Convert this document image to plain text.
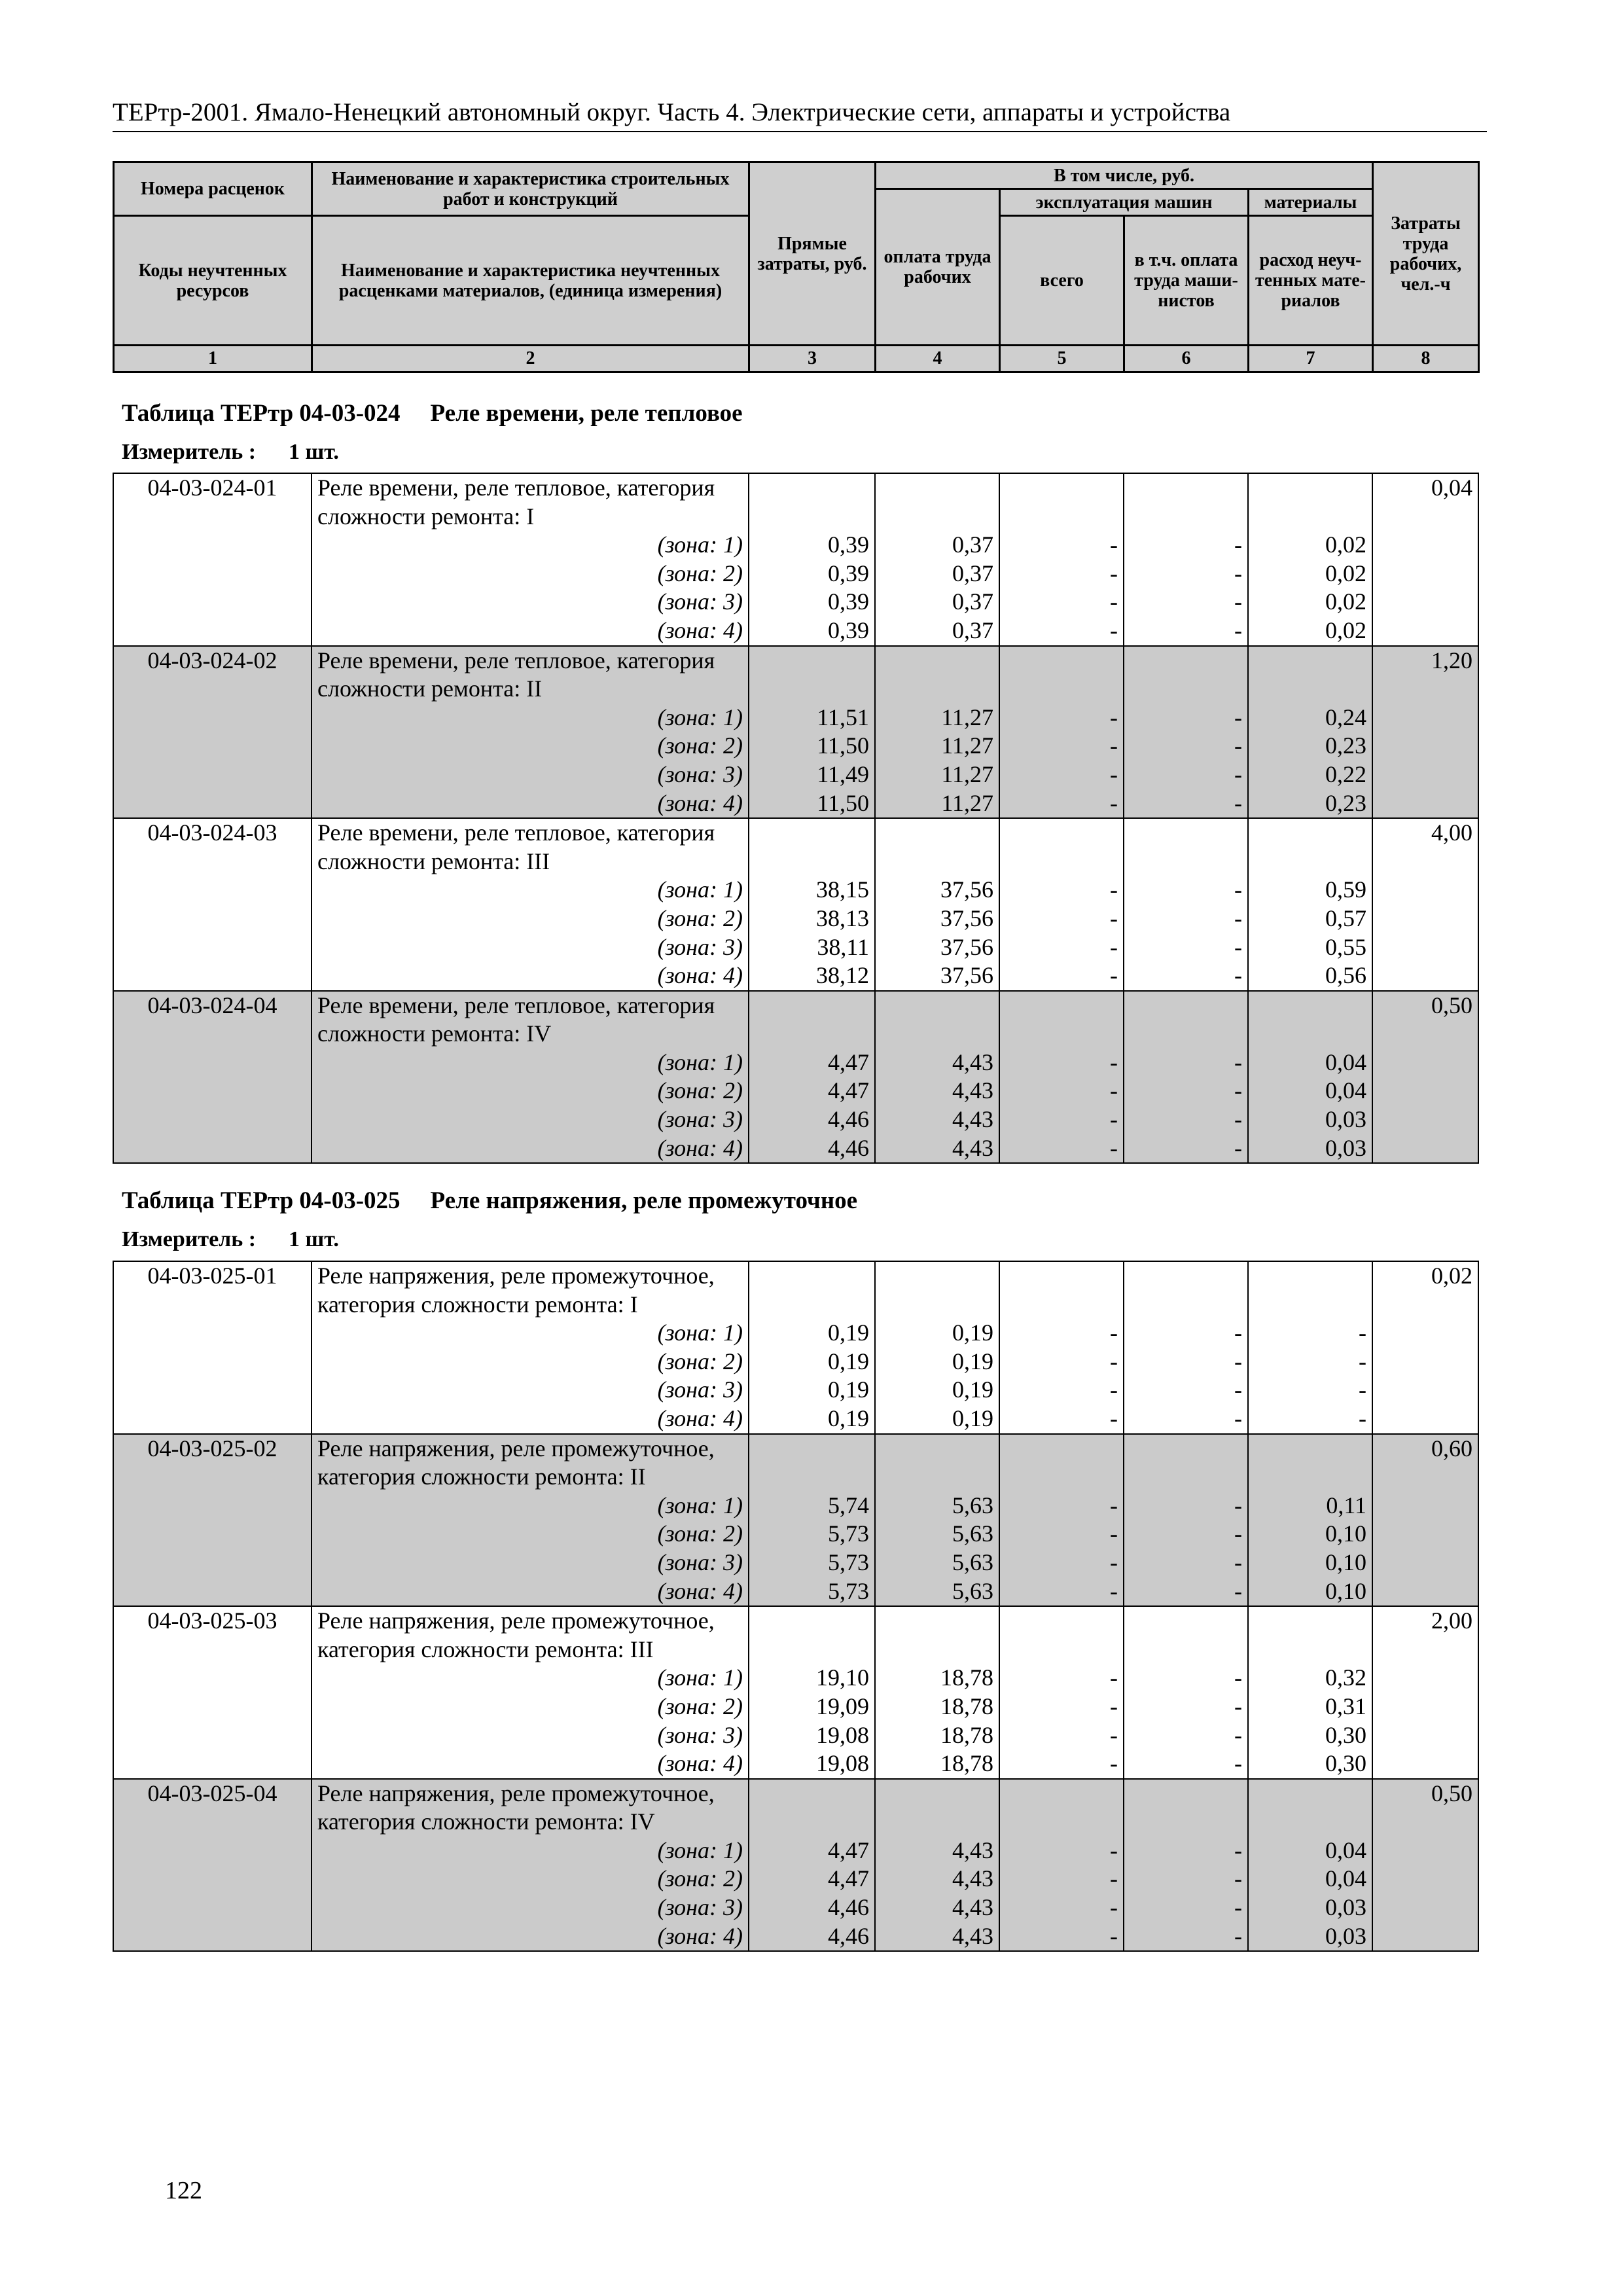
ТЕРтр-2001. Ямало-Ненецкий автономный округ. Часть 4. Электрические сети, аппараты и устройства
Номера расценок	Наименование и характеристика строительных работ и конструкций	Прямые затраты, руб.	В том числе, руб.				Затраты труда рабочих, чел.-ч
			оплата труда рабочих	эксплуатация машин		материалы	
Коды неучтенных ресурсов	Наименование и характеристика неучтенных расценками материалов, (единица измерения)			всего	в т.ч. оплата труда маши-нистов	расход неуч-тенных мате-риалов	
1	2	3	4	5	6	7	8
Таблица ТЕРтр 04-03-024 Реле времени, реле тепловое
Измеритель : 1 шт.
04-03-024-01	Реле времени, реле тепловое, категория						0,04
	сложности ремонта: I						
	(зона: 1)	0,39	0,37	-	-	0,02	
	(зона: 2)	0,39	0,37	-	-	0,02	
	(зона: 3)	0,39	0,37	-	-	0,02	
	(зона: 4)	0,39	0,37	-	-	0,02	
04-03-024-02	Реле времени, реле тепловое, категория						1,20
	сложности ремонта: II						
	(зона: 1)	11,51	11,27	-	-	0,24	
	(зона: 2)	11,50	11,27	-	-	0,23	
	(зона: 3)	11,49	11,27	-	-	0,22	
	(зона: 4)	11,50	11,27	-	-	0,23	
04-03-024-03	Реле времени, реле тепловое, категория						4,00
	сложности ремонта: III						
	(зона: 1)	38,15	37,56	-	-	0,59	
	(зона: 2)	38,13	37,56	-	-	0,57	
	(зона: 3)	38,11	37,56	-	-	0,55	
	(зона: 4)	38,12	37,56	-	-	0,56	
04-03-024-04	Реле времени, реле тепловое, категория						0,50
	сложности ремонта: IV						
	(зона: 1)	4,47	4,43	-	-	0,04	
	(зона: 2)	4,47	4,43	-	-	0,04	
	(зона: 3)	4,46	4,43	-	-	0,03	
	(зона: 4)	4,46	4,43	-	-	0,03	
Таблица ТЕРтр 04-03-025 Реле напряжения, реле промежуточное
Измеритель : 1 шт.
04-03-025-01	Реле напряжения, реле промежуточное,						0,02
	категория сложности ремонта: I						
	(зона: 1)	0,19	0,19	-	-	-	
	(зона: 2)	0,19	0,19	-	-	-	
	(зона: 3)	0,19	0,19	-	-	-	
	(зона: 4)	0,19	0,19	-	-	-	
04-03-025-02	Реле напряжения, реле промежуточное,						0,60
	категория сложности ремонта: II						
	(зона: 1)	5,74	5,63	-	-	0,11	
	(зона: 2)	5,73	5,63	-	-	0,10	
	(зона: 3)	5,73	5,63	-	-	0,10	
	(зона: 4)	5,73	5,63	-	-	0,10	
04-03-025-03	Реле напряжения, реле промежуточное,						2,00
	категория сложности ремонта: III						
	(зона: 1)	19,10	18,78	-	-	0,32	
	(зона: 2)	19,09	18,78	-	-	0,31	
	(зона: 3)	19,08	18,78	-	-	0,30	
	(зона: 4)	19,08	18,78	-	-	0,30	
04-03-025-04	Реле напряжения, реле промежуточное,						0,50
	категория сложности ремонта: IV						
	(зона: 1)	4,47	4,43	-	-	0,04	
	(зона: 2)	4,47	4,43	-	-	0,04	
	(зона: 3)	4,46	4,43	-	-	0,03	
	(зона: 4)	4,46	4,43	-	-	0,03	
122
